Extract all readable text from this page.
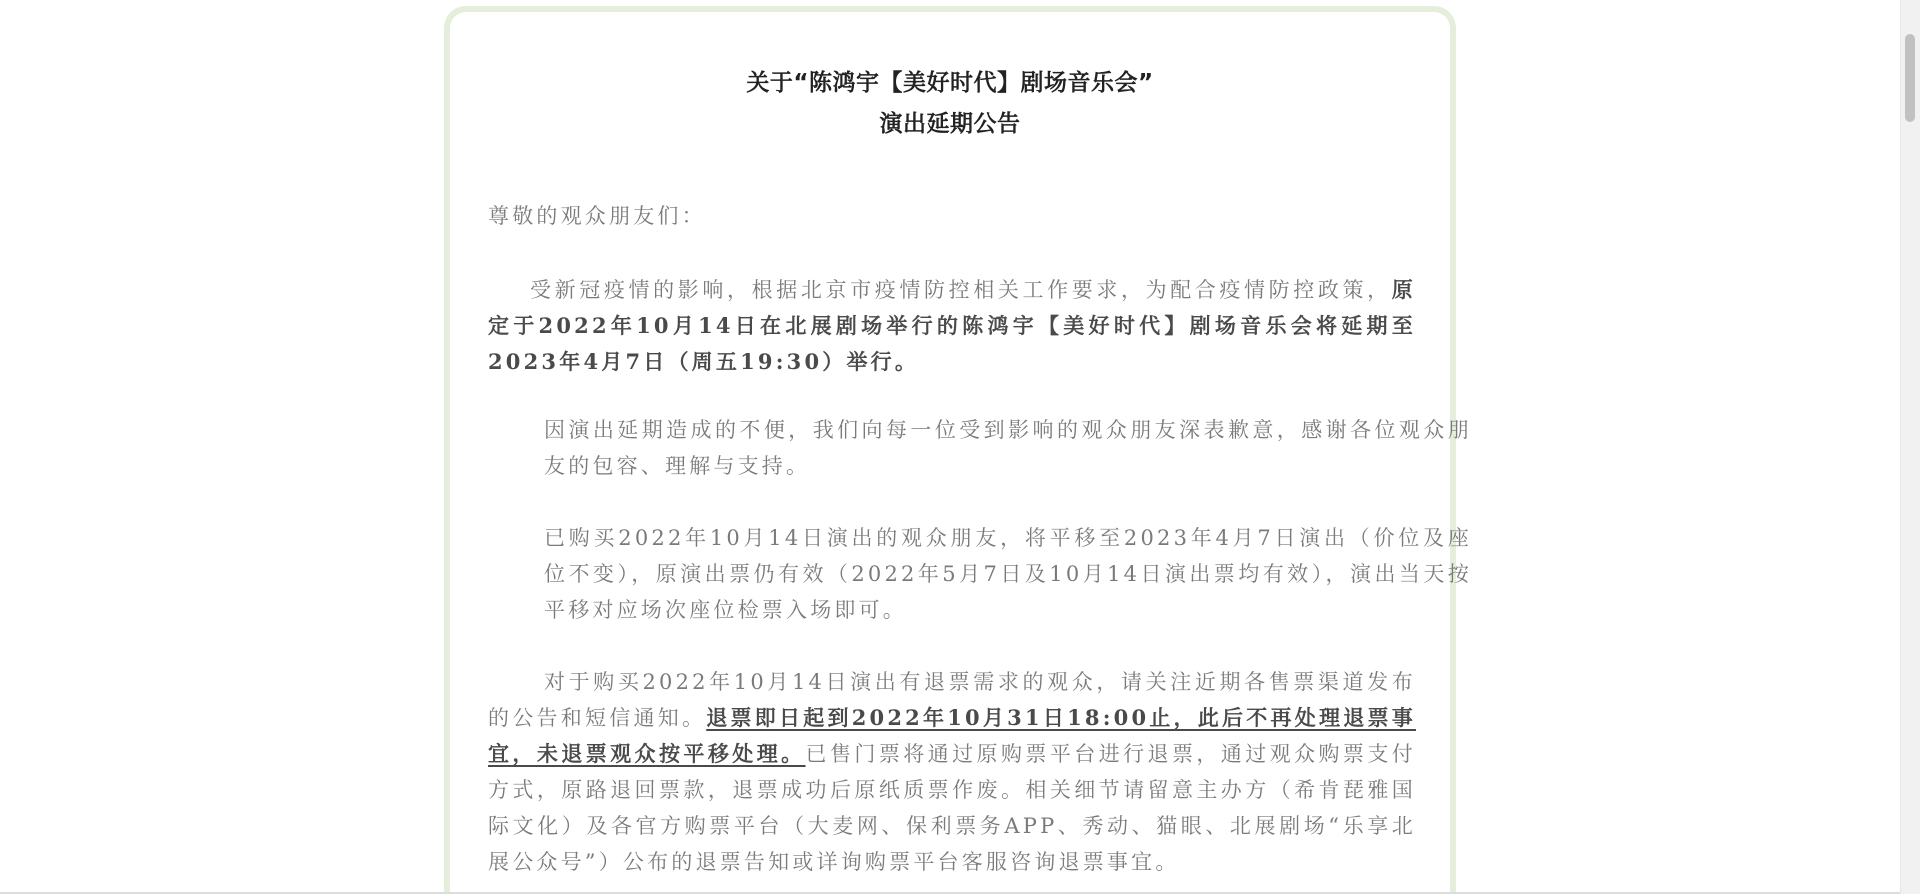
关于“陈鸿宇【美好时代】剧场音乐会”
演出延期公告
尊敬的观众朋友们：
受新冠疫情的影响，根据北京市疫情防控相关工作要求，为配合疫情防控政策，原定于2022年10月14日在北展剧场举行的陈鸿宇【美好时代】剧场音乐会将延期至2023年4月7日（周五19:30）举行。
因演出延期造成的不便，我们向每一位受到影响的观众朋友深表歉意，感谢各位观众朋友的包容、理解与支持。
已购买2022年10月14日演出的观众朋友，将平移至2023年4月7日演出（价位及座位不变），原演出票仍有效（2022年5月7日及10月14日演出票均有效），演出当天按平移对应场次座位检票入场即可。
对于购买2022年10月14日演出有退票需求的观众，请关注近期各售票渠道发布的公告和短信通知。退票即日起到2022年10月31日18:00止，此后不再处理退票事宜，未退票观众按平移处理。已售门票将通过原购票平台进行退票，通过观众购票支付方式，原路退回票款，退票成功后原纸质票作废。相关细节请留意主办方（希肯琵雅国际文化）及各官方购票平台（大麦网、保利票务APP、秀动、猫眼、北展剧场“乐享北展公众号”）公布的退票告知或详询购票平台客服咨询退票事宜。
